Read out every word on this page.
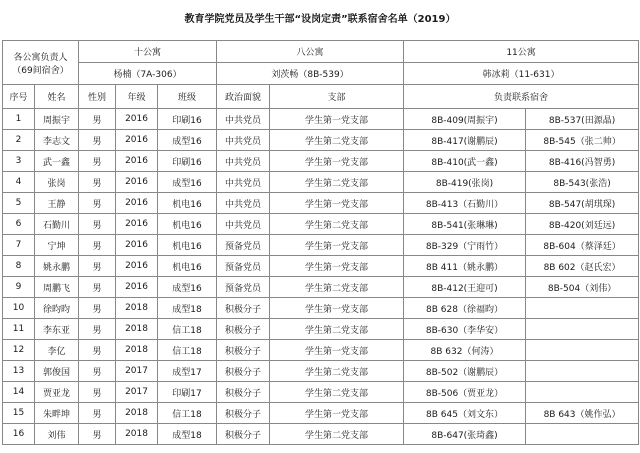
教育学院党员及学生干部“设岗定责”联系宿舍名单（2019）
各公寓负责人
（69间宿舍）		十公寓			八公寓		11公寓	
		杨楠（7A-306）			刘茨畅（8B-539）		韩冰莉（11-631）	
序号	姓名	性别	年级	班级	政治面貌	支部	负责联系宿舍	
1	周振宇	男	2016	印刷16	中共党员	学生第一党支部	8B-409(周振宇)	8B-537(田源晶)
2	李志文	男	2016	成型16	中共党员	学生第二党支部	8B-417(谢鹏辰)	8B-545（张二帅）
3	武一鑫	男	2016	印刷16	中共党员	学生第一党支部	8B-410(武一鑫)	8B-416(冯智勇)
4	张岗	男	2016	成型16	中共党员	学生第二党支部	8B-419(张岗)	8B-543(张浩)
5	王静	男	2016	机电16	中共党员	学生第一党支部	8B-413（石勤川）	8B-547(胡琪琛)
6	石勤川	男	2016	机电16	中共党员	学生第二党支部	8B-541(张琳琳)	8B-420(刘廷远)
7	宁坤	男	2016	机电16	预备党员	学生第一党支部	8B-329（宁雨竹）	8B-604（蔡泽廷）
8	姚永鹏	男	2016	机电16	预备党员	学生第一党支部	8B 411（姚永鹏）	8B 602（赵氏宏）
9	周鹏飞	男	2016	成型16	预备党员	学生第二党支部	8B-412(王迎可)	8B-504（刘伟）
10	徐昀昀	男	2018	成型18	积极分子	学生第一党支部	8B 628（徐福昀）	
11	李东亚	男	2018	信工18	积极分子	学生第二党支部	8B-630（李华安）	
12	李亿	男	2018	信工18	积极分子	学生第一党支部	8B 632（何涛）	
13	郭俊国	男	2017	成型17	积极分子	学生第二党支部	8B-502（谢鹏辰）	
14	贾亚龙	男	2017	印刷17	积极分子	学生第二党支部	8B-506（贾亚龙）	
15	朱畔坤	男	2018	信工18	积极分子	学生第一党支部	8B 645（刘文东）	8B 643（姚作弘）
16	刘伟	男	2018	成型18	积极分子	学生第二党支部	8B-647(张琦鑫)	
